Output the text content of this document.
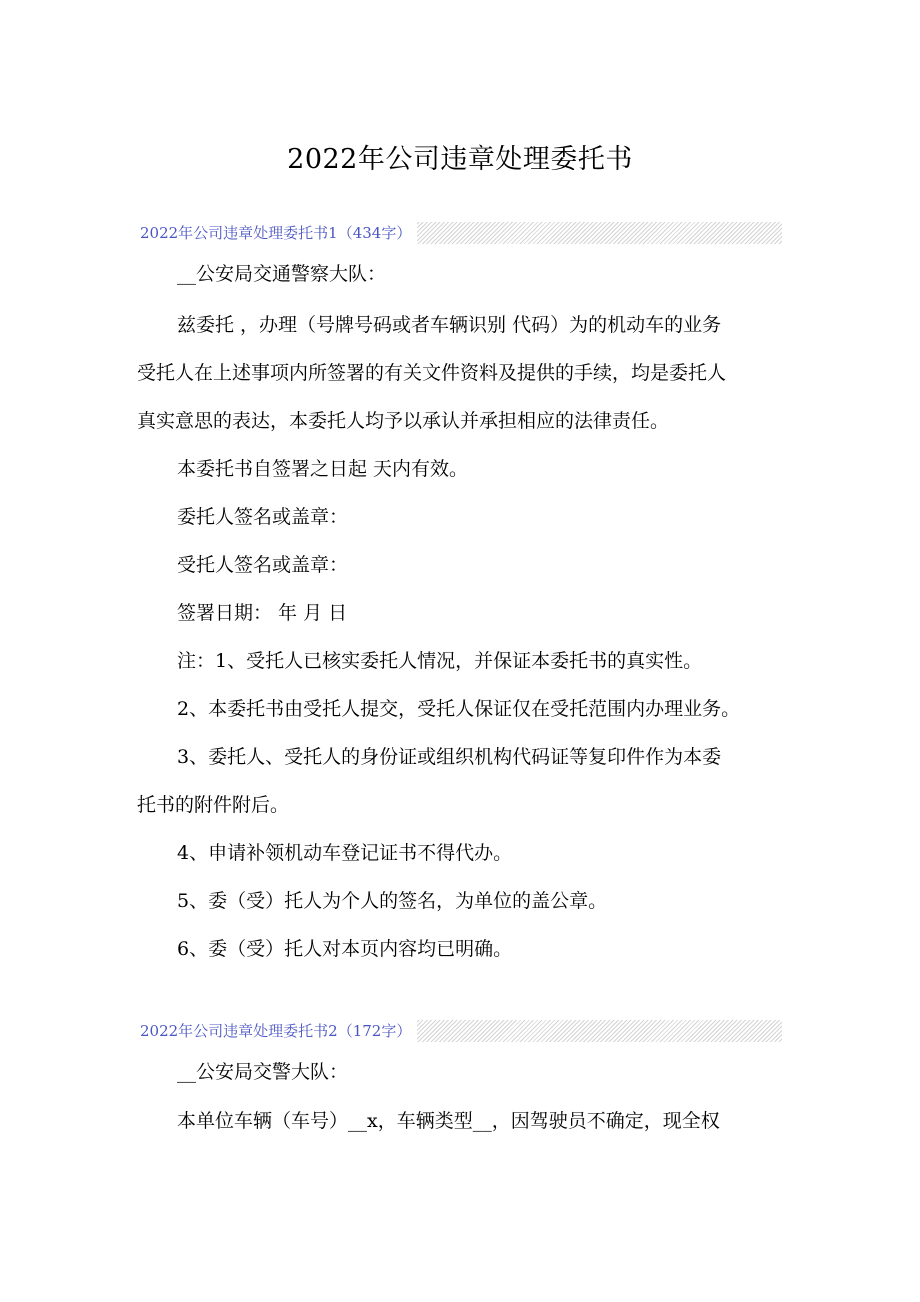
2022年公司违章处理委托书
2022年公司违章处理委托书1（434字）
__公安局交通警察大队：
兹委托 ，办理（号牌号码或者车辆识别 代码）为的机动车的业务
受托人在上述事项内所签署的有关文件资料及提供的手续，均是委托人
真实意思的表达，本委托人均予以承认并承担相应的法律责任。
本委托书自签署之日起 天内有效。
委托人签名或盖章：
受托人签名或盖章：
签署日期： 年 月 日
注：1、受托人已核实委托人情况，并保证本委托书的真实性。
2、本委托书由受托人提交，受托人保证仅在受托范围内办理业务。
3、委托人、受托人的身份证或组织机构代码证等复印件作为本委
托书的附件附后。
4、申请补领机动车登记证书不得代办。
5、委（受）托人为个人的签名，为单位的盖公章。
6、委（受）托人对本页内容均已明确。
2022年公司违章处理委托书2（172字）
__公安局交警大队：
本单位车辆（车号）__x，车辆类型__，因驾驶员不确定，现全权
